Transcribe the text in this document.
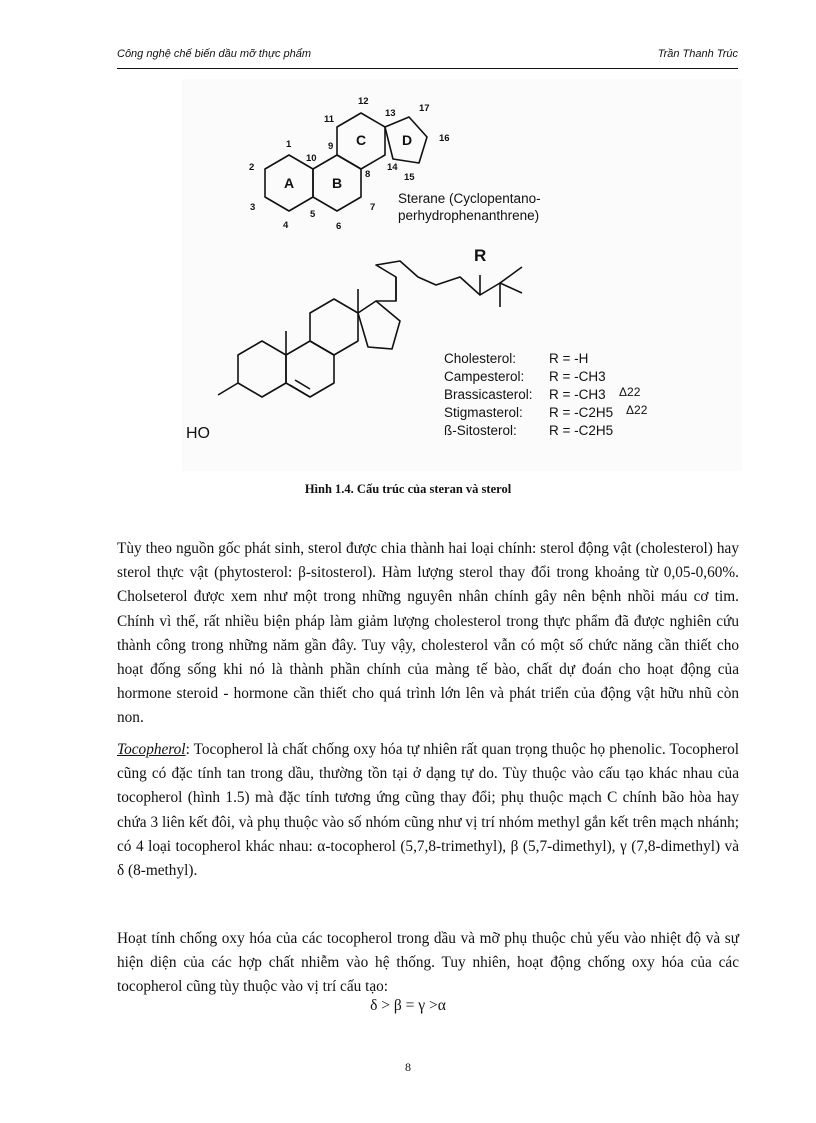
Công nghệ chế biến dầu mỡ thực phẩm	Trần Thanh Trúc
1
2
3
4
5
6
7
8
9
10
11
12
13
14
15
16
17
A	B
C	D
Sterane (Cyclopentano-
perhydrophenanthrene)
R
HO
Cholesterol: R = -H
Campesterol: R = -CH3
Brassicasterol: R = -CH3 Δ22
Stigmasterol: R = -C2H5 Δ22
ß-Sitosterol: R = -C2H5
Hình 1.4. Cấu trúc của steran và sterol
Tùy theo nguồn gốc phát sinh, sterol được chia thành hai loại chính: sterol động vật (cholesterol) hay sterol thực vật (phytosterol: β-sitosterol). Hàm lượng sterol thay đổi trong khoảng từ 0,05-0,60%. Cholseterol được xem như một trong những nguyên nhân chính gây nên bệnh nhồi máu cơ tim. Chính vì thế, rất nhiều biện pháp làm giảm lượng cholesterol trong thực phẩm đã được nghiên cứu thành công trong những năm gần đây. Tuy vậy, cholesterol vẫn có một số chức năng cần thiết cho hoạt đống sống khi nó là thành phần chính của màng tế bào, chất dự đoán cho hoạt động của hormone steroid - hormone cần thiết cho quá trình lớn lên và phát triển của động vật hữu nhũ còn non.
Tocopherol: Tocopherol là chất chống oxy hóa tự nhiên rất quan trọng thuộc họ phenolic. Tocopherol cũng có đặc tính tan trong dầu, thường tồn tại ở dạng tự do. Tùy thuộc vào cấu tạo khác nhau của tocopherol (hình 1.5) mà đặc tính tương ứng cũng thay đổi; phụ thuộc mạch C chính bão hòa hay chứa 3 liên kết đôi, và phụ thuộc vào số nhóm cũng như vị trí nhóm methyl gắn kết trên mạch nhánh; có 4 loại tocopherol khác nhau: α-tocopherol (5,7,8-trimethyl), β (5,7-dimethyl), γ (7,8-dimethyl) và δ (8-methyl).
Hoạt tính chống oxy hóa của các tocopherol trong dầu và mỡ phụ thuộc chủ yếu vào nhiệt độ và sự hiện diện của các hợp chất nhiễm vào hệ thống. Tuy nhiên, hoạt động chống oxy hóa của các tocopherol cũng tùy thuộc vào vị trí cấu tạo:
δ > β = γ >α
8
